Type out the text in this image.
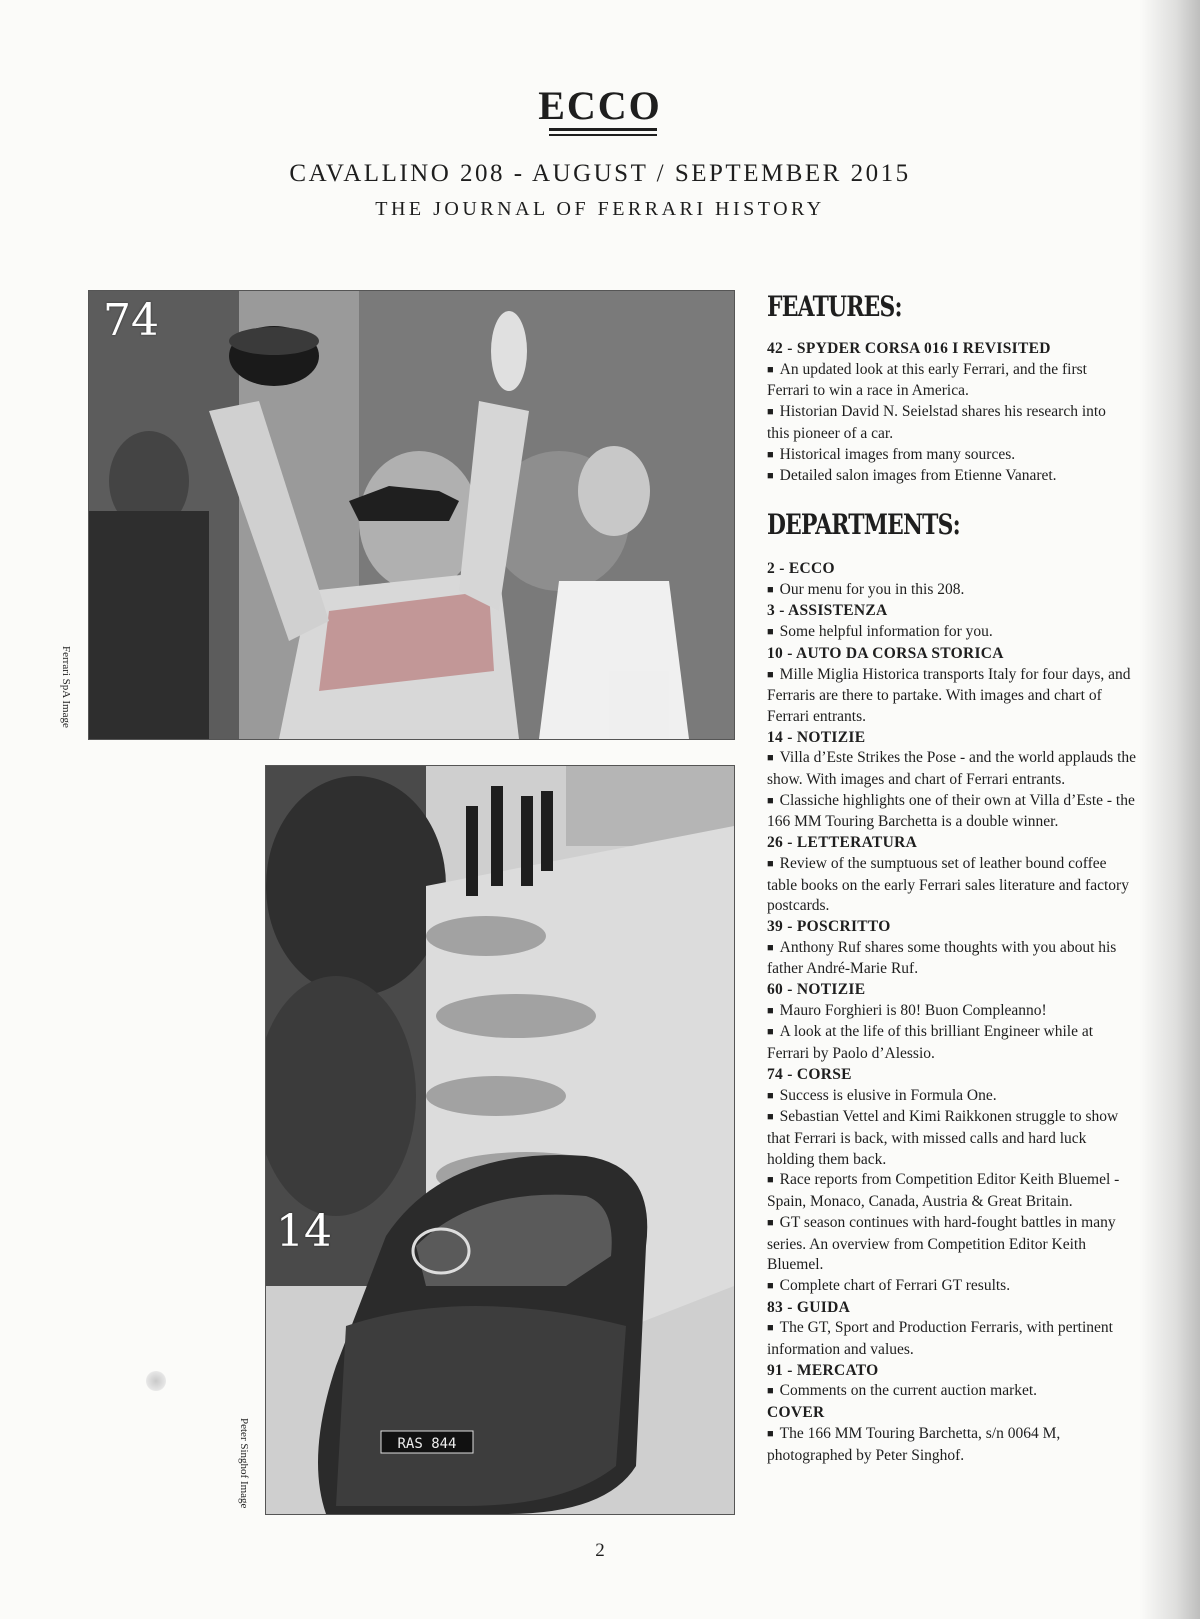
ECCO
CAVALLINO 208 - AUGUST / SEPTEMBER 2015
THE JOURNAL OF FERRARI HISTORY
74
Ferrari SpA Image
RAS 844
14
Peter Singhof Image
FEATURES:
42 - SPYDER CORSA 016 I REVISITED
■ An updated look at this early Ferrari, and the first Ferrari to win a race in America.
■ Historian David N. Seielstad shares his research into this pioneer of a car.
■ Historical images from many sources.
■ Detailed salon images from Etienne Vanaret.
DEPARTMENTS:
2 - ECCO
■ Our menu for you in this 208.
3 - ASSISTENZA
■ Some helpful information for you.
10 - AUTO DA CORSA STORICA
■ Mille Miglia Historica transports Italy for four days, and Ferraris are there to partake. With images and chart of Ferrari entrants.
14 - NOTIZIE
■ Villa d’Este Strikes the Pose - and the world applauds the show. With images and chart of Ferrari entrants.
■ Classiche highlights one of their own at Villa d’Este - the 166 MM Touring Barchetta is a double winner.
26 - LETTERATURA
■ Review of the sumptuous set of leather bound coffee table books on the early Ferrari sales literature and factory postcards.
39 - POSCRITTO
■ Anthony Ruf shares some thoughts with you about his father André-Marie Ruf.
60 - NOTIZIE
■ Mauro Forghieri is 80! Buon Compleanno!
■ A look at the life of this brilliant Engineer while at Ferrari by Paolo d’Alessio.
74 - CORSE
■ Success is elusive in Formula One.
■ Sebastian Vettel and Kimi Raikkonen struggle to show that Ferrari is back, with missed calls and hard luck holding them back.
■ Race reports from Competition Editor Keith Bluemel - Spain, Monaco, Canada, Austria & Great Britain.
■ GT season continues with hard-fought battles in many series. An overview from Competition Editor Keith Bluemel.
■ Complete chart of Ferrari GT results.
83 - GUIDA
■ The GT, Sport and Production Ferraris, with pertinent information and values.
91 - MERCATO
■ Comments on the current auction market.
COVER
■ The 166 MM Touring Barchetta, s/n 0064 M, photographed by Peter Singhof.
2
